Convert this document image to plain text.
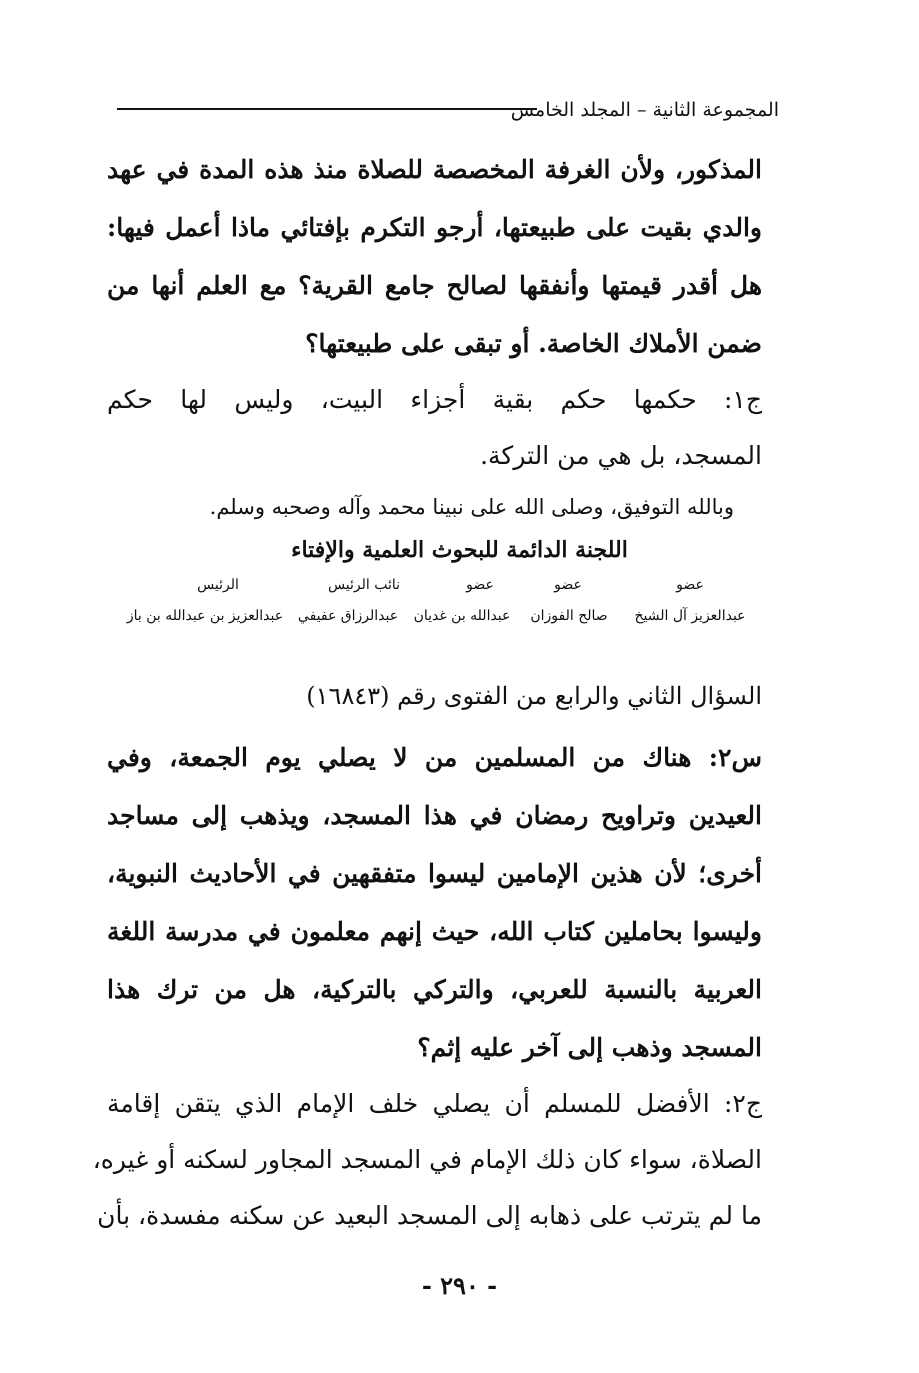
المجموعة الثانية – المجلد الخامس
المذكور، ولأن الغرفة المخصصة للصلاة منذ هذه المدة في عهد
والدي بقيت على طبيعتها، أرجو التكرم بإفتائي ماذا أعمل فيها:
هل أقدر قيمتها وأنفقها لصالح جامع القرية؟ مع العلم أنها من
ضمن الأملاك الخاصة. أو تبقى على طبيعتها؟
ج١: حكمها حكم بقية أجزاء البيت، وليس لها حكم
المسجد، بل هي من التركة.
وبالله التوفيق، وصلى الله على نبينا محمد وآله وصحبه وسلم.
اللجنة الدائمة للبحوث العلمية والإفتاء
عضو
عضو
عضو
نائب الرئيس
الرئيس
عبدالعزيز آل الشيخ
صالح الفوزان
عبدالله بن غديان
عبدالرزاق عفيفي
عبدالعزيز بن عبدالله بن باز
السؤال الثاني والرابع من الفتوى رقم (١٦٨٤٣)
س٢: هناك من المسلمين من لا يصلي يوم الجمعة، وفي
العيدين وتراويح رمضان في هذا المسجد، ويذهب إلى مساجد
أخرى؛ لأن هذين الإمامين ليسوا متفقهين في الأحاديث النبوية،
وليسوا بحاملين كتاب الله، حيث إنهم معلمون في مدرسة اللغة
العربية بالنسبة للعربي، والتركي بالتركية، هل من ترك هذا
المسجد وذهب إلى آخر عليه إثم؟
ج٢: الأفضل للمسلم أن يصلي خلف الإمام الذي يتقن إقامة
الصلاة، سواء كان ذلك الإمام في المسجد المجاور لسكنه أو غيره،
ما لم يترتب على ذهابه إلى المسجد البعيد عن سكنه مفسدة، بأن
- ٢٩٠ -
